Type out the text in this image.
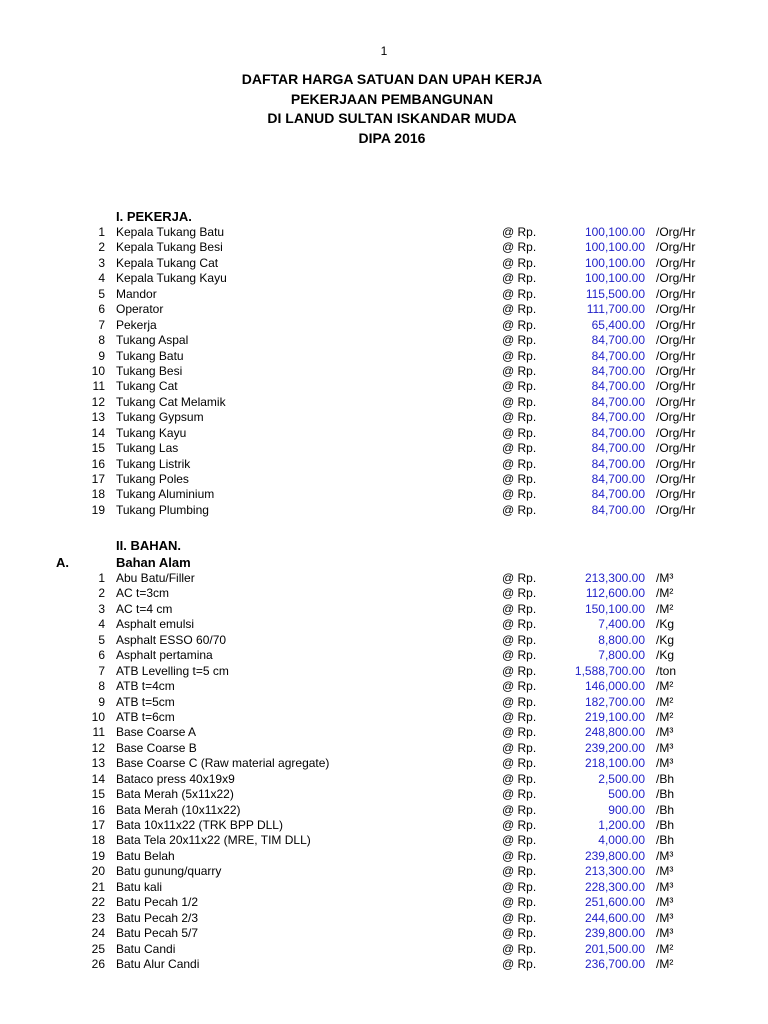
1
DAFTAR HARGA SATUAN DAN UPAH KERJA
PEKERJAAN PEMBANGUNAN
DI LANUD SULTAN ISKANDAR MUDA
DIPA 2016
I. PEKERJA.
1 Kepala Tukang Batu	@ Rp.	100,100.00 /Org/Hr
2 Kepala Tukang Besi	@ Rp.	100,100.00 /Org/Hr
3 Kepala Tukang Cat	@ Rp.	100,100.00 /Org/Hr
4 Kepala Tukang Kayu	@ Rp.	100,100.00 /Org/Hr
5 Mandor	@ Rp.	115,500.00 /Org/Hr
6 Operator	@ Rp.	111,700.00 /Org/Hr
7 Pekerja	@ Rp.	65,400.00 /Org/Hr
8 Tukang Aspal	@ Rp.	84,700.00 /Org/Hr
9 Tukang Batu	@ Rp.	84,700.00 /Org/Hr
10 Tukang Besi	@ Rp.	84,700.00 /Org/Hr
11 Tukang Cat	@ Rp.	84,700.00 /Org/Hr
12 Tukang Cat Melamik	@ Rp.	84,700.00 /Org/Hr
13 Tukang Gypsum	@ Rp.	84,700.00 /Org/Hr
14 Tukang Kayu	@ Rp.	84,700.00 /Org/Hr
15 Tukang Las	@ Rp.	84,700.00 /Org/Hr
16 Tukang Listrik	@ Rp.	84,700.00 /Org/Hr
17 Tukang Poles	@ Rp.	84,700.00 /Org/Hr
18 Tukang Aluminium	@ Rp.	84,700.00 /Org/Hr
19 Tukang Plumbing	@ Rp.	84,700.00 /Org/Hr
II. BAHAN.
A.	Bahan Alam
1 Abu Batu/Filler	@ Rp.	213,300.00 /M³
2 AC t=3cm	@ Rp.	112,600.00 /M²
3 AC t=4 cm	@ Rp.	150,100.00 /M²
4 Asphalt emulsi	@ Rp.	7,400.00 /Kg
5 Asphalt ESSO 60/70	@ Rp.	8,800.00 /Kg
6 Asphalt pertamina	@ Rp.	7,800.00 /Kg
7 ATB Levelling t=5 cm	@ Rp.	1,588,700.00 /ton
8 ATB t=4cm	@ Rp.	146,000.00 /M²
9 ATB t=5cm	@ Rp.	182,700.00 /M²
10 ATB t=6cm	@ Rp.	219,100.00 /M²
11 Base Coarse A	@ Rp.	248,800.00 /M³
12 Base Coarse B	@ Rp.	239,200.00 /M³
13 Base Coarse C (Raw material agregate)	@ Rp.	218,100.00 /M³
14 Bataco press 40x19x9	@ Rp.	2,500.00 /Bh
15 Bata Merah (5x11x22)	@ Rp.	500.00 /Bh
16 Bata Merah (10x11x22)	@ Rp.	900.00 /Bh
17 Bata 10x11x22 (TRK BPP DLL)	@ Rp.	1,200.00 /Bh
18 Bata Tela 20x11x22 (MRE, TIM DLL)	@ Rp.	4,000.00 /Bh
19 Batu Belah	@ Rp.	239,800.00 /M³
20 Batu gunung/quarry	@ Rp.	213,300.00 /M³
21 Batu kali	@ Rp.	228,300.00 /M³
22 Batu Pecah 1/2	@ Rp.	251,600.00 /M³
23 Batu Pecah 2/3	@ Rp.	244,600.00 /M³
24 Batu Pecah 5/7	@ Rp.	239,800.00 /M³
25 Batu Candi	@ Rp.	201,500.00 /M²
26 Batu Alur Candi	@ Rp.	236,700.00 /M²
